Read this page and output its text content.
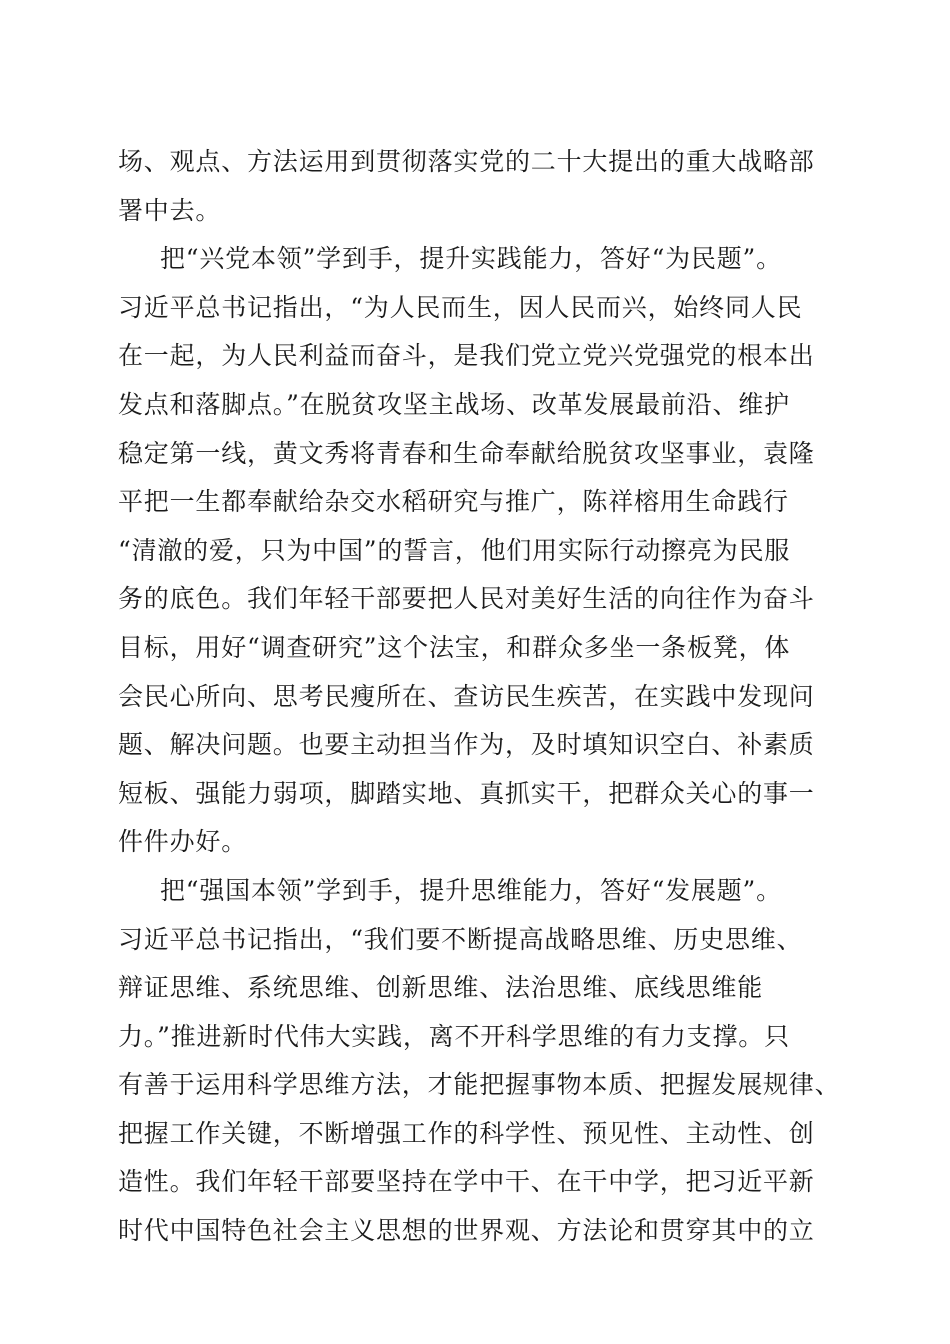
场、观点、方法运用到贯彻落实党的二十大提出的重大战略部
署中去。
把“兴党本领”学到手，提升实践能力，答好“为民题”。
习近平总书记指出，“为人民而生，因人民而兴，始终同人民
在一起，为人民利益而奋斗，是我们党立党兴党强党的根本出
发点和落脚点。”在脱贫攻坚主战场、改革发展最前沿、维护
稳定第一线，黄文秀将青春和生命奉献给脱贫攻坚事业，袁隆
平把一生都奉献给杂交水稻研究与推广，陈祥榕用生命践行
“清澈的爱，只为中国”的誓言，他们用实际行动擦亮为民服
务的底色。我们年轻干部要把人民对美好生活的向往作为奋斗
目标，用好“调查研究”这个法宝，和群众多坐一条板凳，体
会民心所向、思考民瘦所在、查访民生疾苦，在实践中发现问
题、解决问题。也要主动担当作为，及时填知识空白、补素质
短板、强能力弱项，脚踏实地、真抓实干，把群众关心的事一
件件办好。
把“强国本领”学到手，提升思维能力，答好“发展题”。
习近平总书记指出，“我们要不断提高战略思维、历史思维、
辩证思维、系统思维、创新思维、法治思维、底线思维能
力。”推进新时代伟大实践，离不开科学思维的有力支撑。只
有善于运用科学思维方法，才能把握事物本质、把握发展规律、
把握工作关键，不断增强工作的科学性、预见性、主动性、创
造性。我们年轻干部要坚持在学中干、在干中学，把习近平新
时代中国特色社会主义思想的世界观、方法论和贯穿其中的立
